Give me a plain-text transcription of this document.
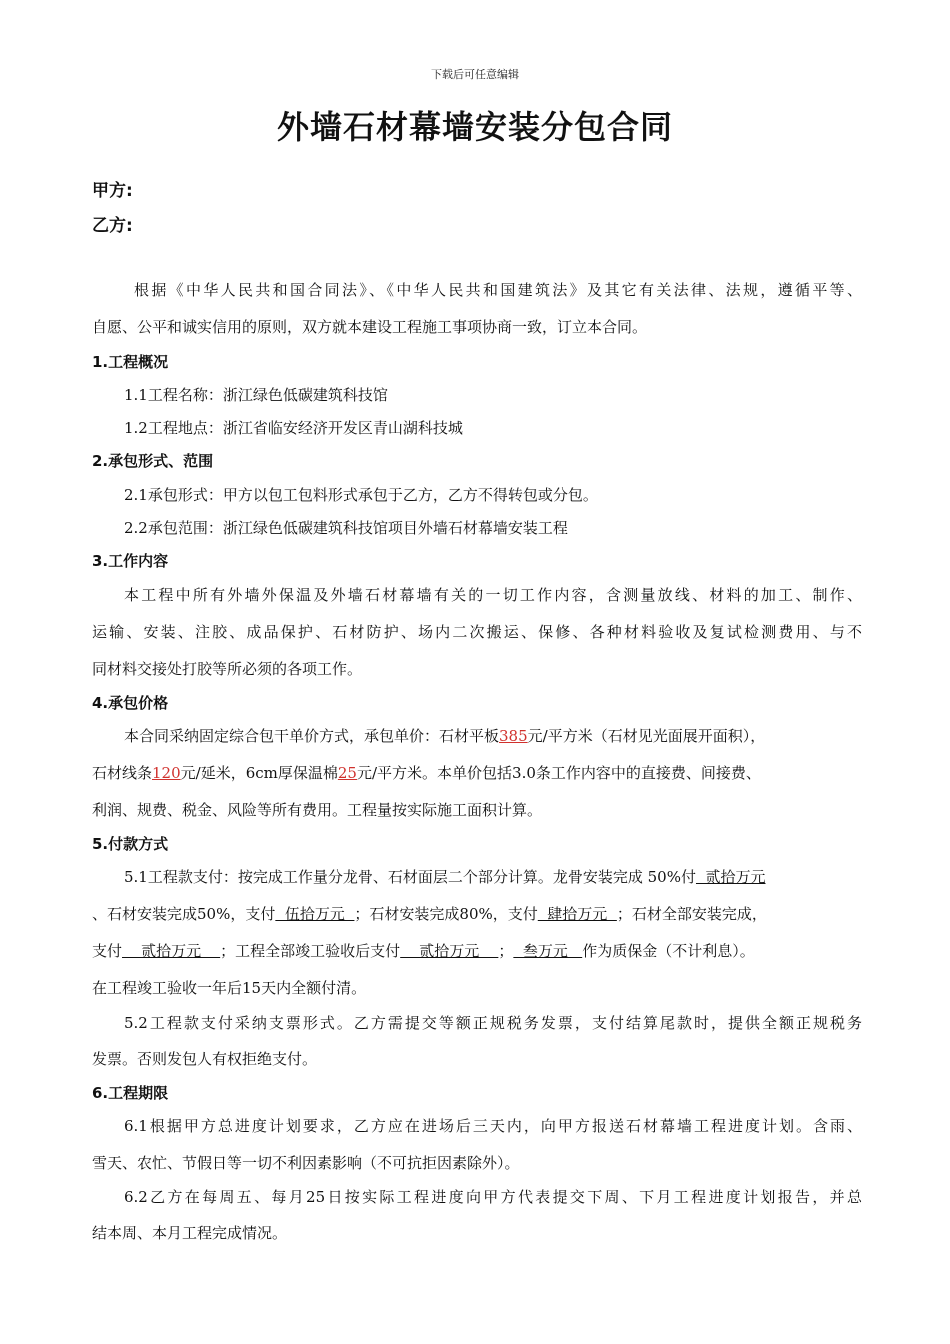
下载后可任意编辑
外墙石材幕墙安装分包合同
甲方:
乙方:
根据《中华人民共和国合同法》、《中华人民共和国建筑法》及其它有关法律、法规，遵循平等、
自愿、公平和诚实信用的原则，双方就本建设工程施工事项协商一致，订立本合同。
1.工程概况
1.1工程名称：浙江绿色低碳建筑科技馆
1.2工程地点：浙江省临安经济开发区青山湖科技城
2.承包形式、范围
2.1承包形式：甲方以包工包料形式承包于乙方，乙方不得转包或分包。
2.2承包范围：浙江绿色低碳建筑科技馆项目外墙石材幕墙安装工程
3.工作内容
本工程中所有外墙外保温及外墙石材幕墙有关的一切工作内容，含测量放线、材料的加工、制作、
运输、安装、注胶、成品保护、石材防护、场内二次搬运、保修、各种材料验收及复试检测费用、与不
同材料交接处打胶等所必须的各项工作。
4.承包价格
本合同采纳固定综合包干单价方式，承包单价：石材平板385元/平方米（石材见光面展开面积），
石材线条120元/延米，6cm厚保温棉25元/平方米。本单价包括3.0条工作内容中的直接费、间接费、
利润、规费、税金、风险等所有费用。工程量按实际施工面积计算。
5.付款方式
5.1工程款支付：按完成工作量分龙骨、石材面层二个部分计算。龙骨安装完成 50%付  贰拾万元
、石材安装完成50%，支付  伍拾万元  ；石材安装完成80%，支付  肆拾万元  ；石材全部安装完成，
支付    贰拾万元    ；工程全部竣工验收后支付    贰拾万元    ；  叁万元   作为质保金（不计利息）。
在工程竣工验收一年后15天内全额付清。
5.2工程款支付采纳支票形式。乙方需提交等额正规税务发票，支付结算尾款时，提供全额正规税务
发票。否则发包人有权拒绝支付。
6.工程期限
6.1根据甲方总进度计划要求，乙方应在进场后三天内，向甲方报送石材幕墙工程进度计划。含雨、
雪天、农忙、节假日等一切不利因素影响（不可抗拒因素除外）。
6.2乙方在每周五、每月25日按实际工程进度向甲方代表提交下周、下月工程进度计划报告，并总
结本周、本月工程完成情况。
